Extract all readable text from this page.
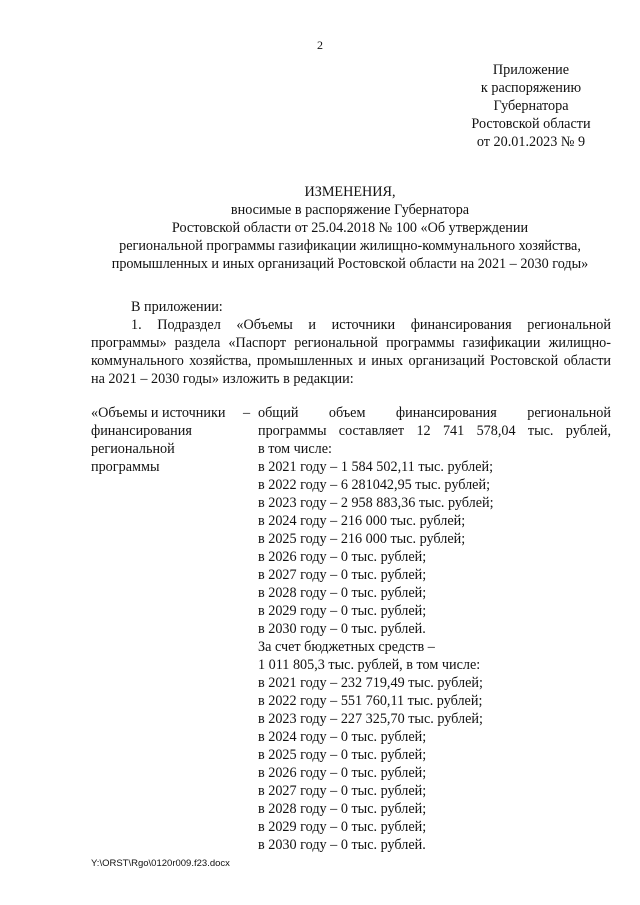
2
Приложение
к распоряжению
Губернатора
Ростовской области
от 20.01.2023 № 9
ИЗМЕНЕНИЯ,
вносимые в распоряжение Губернатора
Ростовской области от 25.04.2018 № 100 «Об утверждении
региональной программы газификации жилищно-коммунального хозяйства,
промышленных и иных организаций Ростовской области на 2021 – 2030 годы»
В приложении:
1. Подраздел «Объемы и источники финансирования региональной программы» раздела «Паспорт региональной программы газификации жилищно-коммунального хозяйства, промышленных и иных организаций Ростовской области на 2021 – 2030 годы» изложить в редакции:
«Объемы и источники финансирования региональной программы
– общий объем финансирования региональной
программы составляет 12 741 578,04 тыс. рублей,
в том числе:
в 2021 году – 1 584 502,11 тыс. рублей;
в 2022 году – 6 281042,95 тыс. рублей;
в 2023 году – 2 958 883,36 тыс. рублей;
в 2024 году – 216 000 тыс. рублей;
в 2025 году – 216 000 тыс. рублей;
в 2026 году – 0 тыс. рублей;
в 2027 году – 0 тыс. рублей;
в 2028 году – 0 тыс. рублей;
в 2029 году – 0 тыс. рублей;
в 2030 году – 0 тыс. рублей.
За счет бюджетных средств –
1 011 805,3 тыс. рублей, в том числе:
в 2021 году – 232 719,49 тыс. рублей;
в 2022 году – 551 760,11 тыс. рублей;
в 2023 году – 227 325,70 тыс. рублей;
в 2024 году – 0 тыс. рублей;
в 2025 году – 0 тыс. рублей;
в 2026 году – 0 тыс. рублей;
в 2027 году – 0 тыс. рублей;
в 2028 году – 0 тыс. рублей;
в 2029 году – 0 тыс. рублей;
в 2030 году – 0 тыс. рублей.
Y:\ORST\Rgo\0120r009.f23.docx
